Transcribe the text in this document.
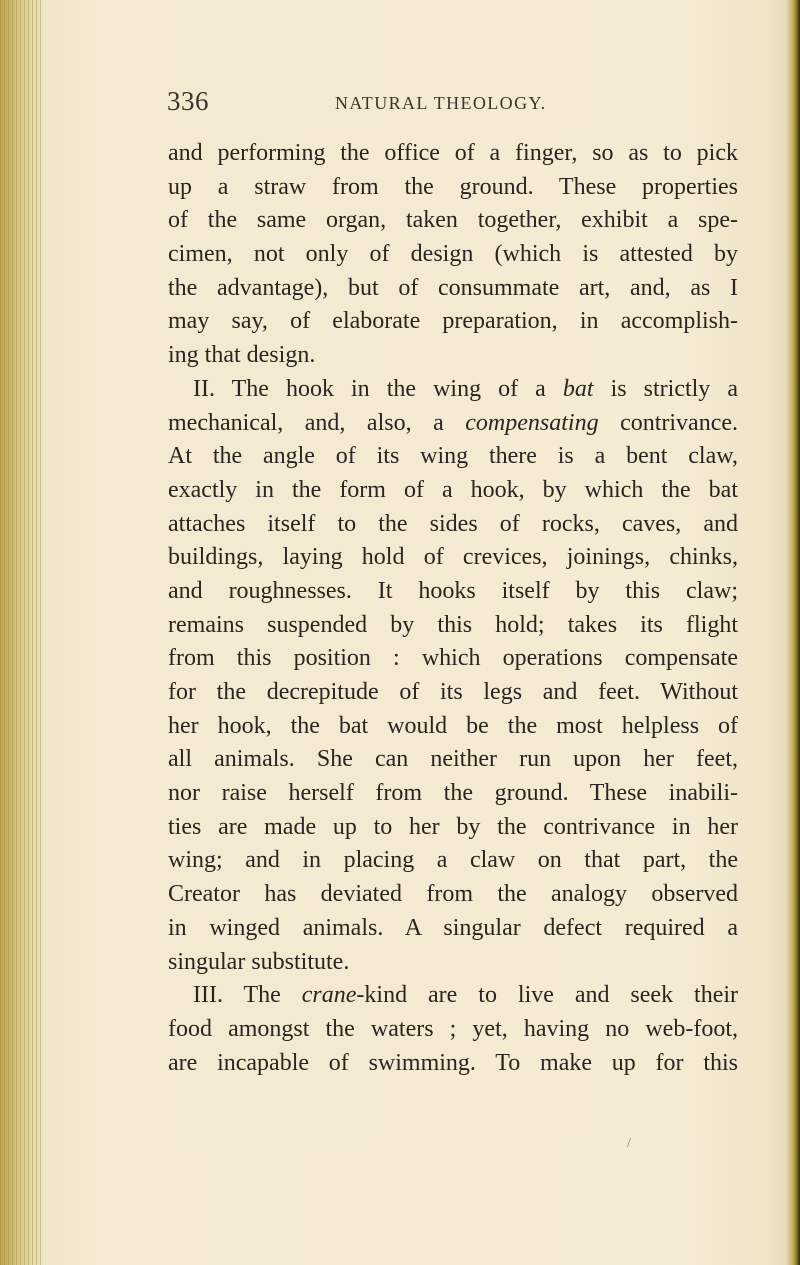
336	NATURAL THEOLOGY.
and performing the office of a finger, so as to pick
up a straw from the ground. These properties
of the same organ, taken together, exhibit a spe-
cimen, not only of design (which is attested by
the advantage), but of consummate art, and, as I
may say, of elaborate preparation, in accomplish-
ing that design.
II. The hook in the wing of a bat is strictly a
mechanical, and, also, a compensating contrivance.
At the angle of its wing there is a bent claw,
exactly in the form of a hook, by which the bat
attaches itself to the sides of rocks, caves, and
buildings, laying hold of crevices, joinings, chinks,
and roughnesses. It hooks itself by this claw;
remains suspended by this hold; takes its flight
from this position : which operations compensate
for the decrepitude of its legs and feet. Without
her hook, the bat would be the most helpless of
all animals. She can neither run upon her feet,
nor raise herself from the ground. These inabili-
ties are made up to her by the contrivance in her
wing; and in placing a claw on that part, the
Creator has deviated from the analogy observed
in winged animals. A singular defect required a
singular substitute.
III. The crane-kind are to live and seek their
food amongst the waters ; yet, having no web-foot,
are incapable of swimming. To make up for this
/
